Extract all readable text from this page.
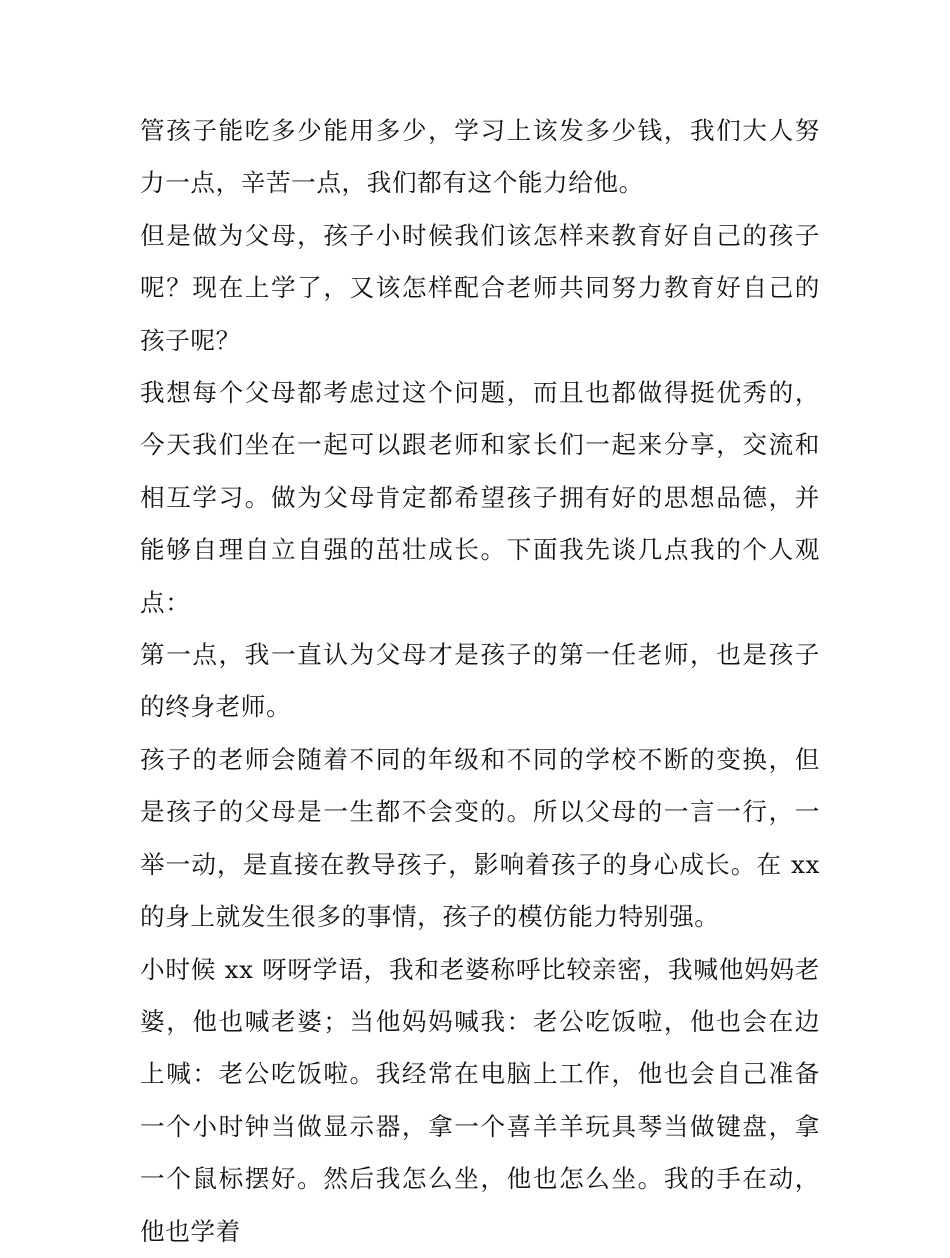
管孩子能吃多少能用多少，学习上该发多少钱，我们大人努力一点，辛苦一点，我们都有这个能力给他。

但是做为父母，孩子小时候我们该怎样来教育好自己的孩子呢？现在上学了，又该怎样配合老师共同努力教育好自己的孩子呢？

我想每个父母都考虑过这个问题，而且也都做得挺优秀的，今天我们坐在一起可以跟老师和家长们一起来分享，交流和相互学习。做为父母肯定都希望孩子拥有好的思想品德，并能够自理自立自强的茁壮成长。下面我先谈几点我的个人观点：

第一点，我一直认为父母才是孩子的第一任老师，也是孩子的终身老师。

孩子的老师会随着不同的年级和不同的学校不断的变换，但是孩子的父母是一生都不会变的。所以父母的一言一行，一举一动，是直接在教导孩子，影响着孩子的身心成长。在 xx 的身上就发生很多的事情，孩子的模仿能力特别强。

小时候 xx 呀呀学语，我和老婆称呼比较亲密，我喊他妈妈老婆，他也喊老婆；当他妈妈喊我：老公吃饭啦，他也会在边上喊：老公吃饭啦。我经常在电脑上工作，他也会自己准备一个小时钟当做显示器，拿一个喜羊羊玩具琴当做键盘，拿一个鼠标摆好。然后我怎么坐，他也怎么坐。我的手在动，他也学着
